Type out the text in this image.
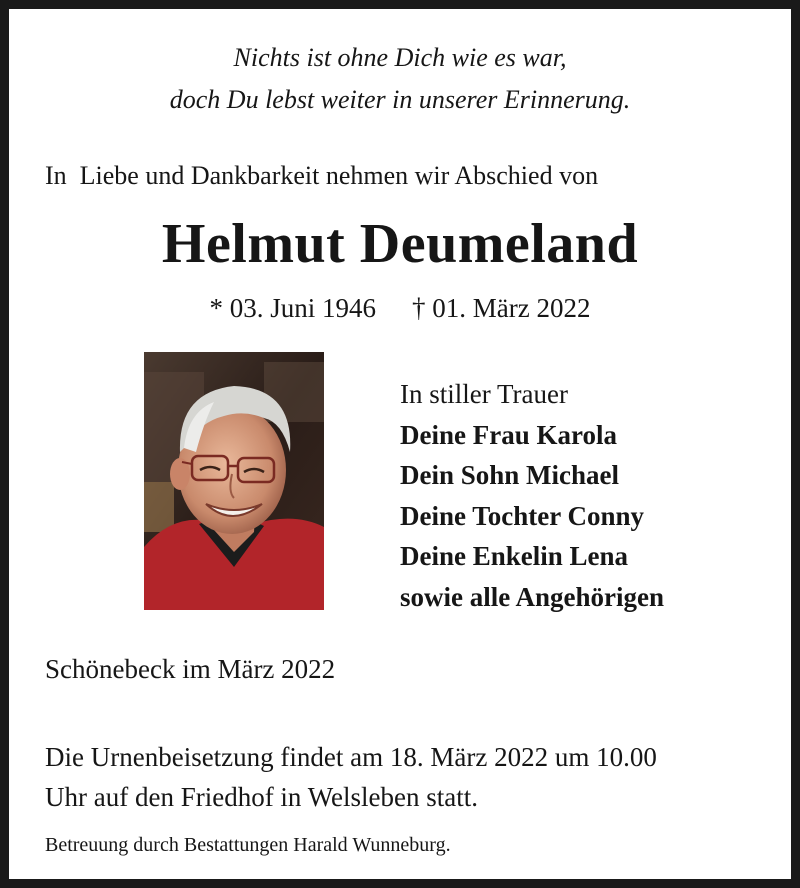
Nichts ist ohne Dich wie es war,
doch Du lebst weiter in unserer Erinnerung.
In  Liebe und Dankbarkeit nehmen wir Abschied von
Helmut Deumeland
* 03. Juni 1946 † 01. März 2022
In stiller Trauer
Deine Frau Karola
Dein Sohn Michael
Deine Tochter Conny
Deine Enkelin Lena
sowie alle Angehörigen
Schönebeck im März 2022
Die Urnenbeisetzung findet am 18. März 2022 um 10.00
Uhr auf den Friedhof in Welsleben statt.
Betreuung durch Bestattungen Harald Wunneburg.
